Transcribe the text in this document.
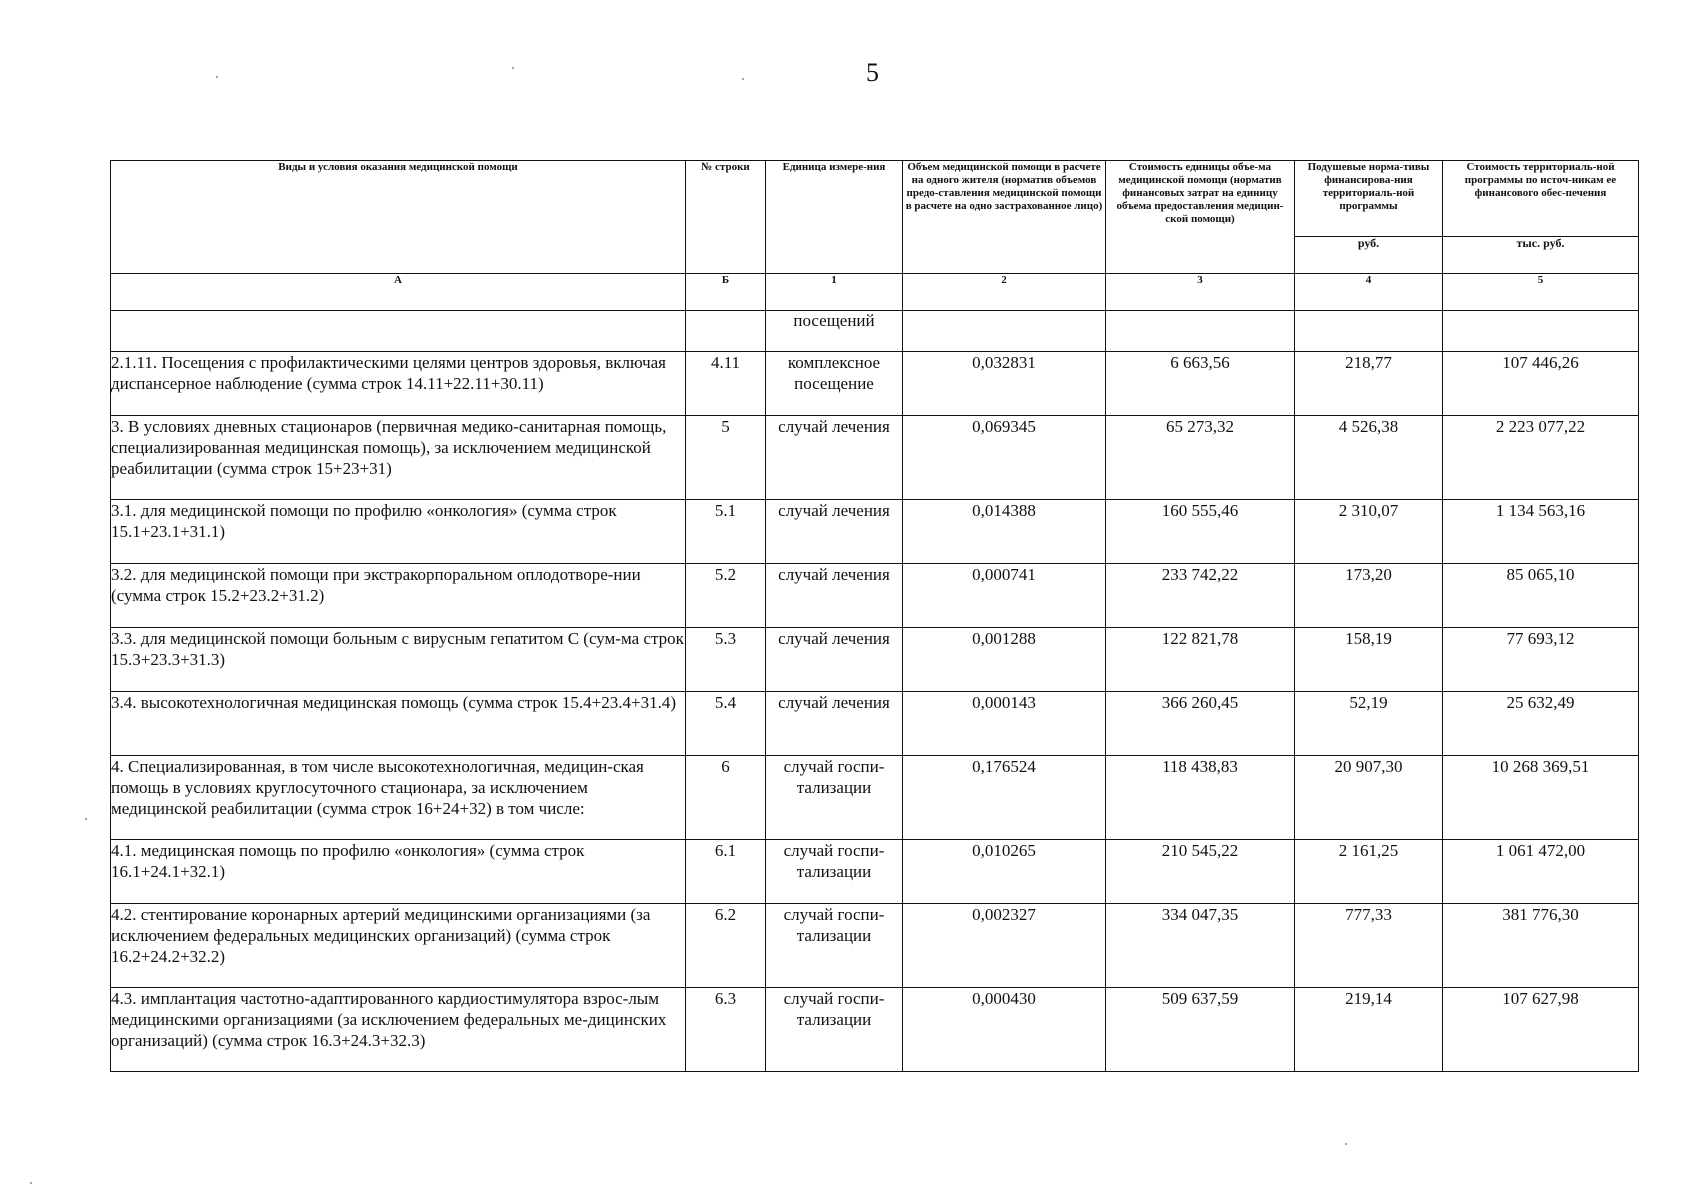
5
Виды и условия оказания медицинской помощи	№ строки	Единица измере-ния	Объем медицинской помощи в расчете на одного жителя (норматив объемов предо-ставления медицинской помощи в расчете на одно застрахованное лицо)	Стоимость единицы объе-ма медицинской помощи (норматив финансовых затрат на единицу объема предоставления медицин-ской помощи)	Подушевые норма-тивы финансирова-ния территориаль-ной программы	Стоимость территориаль-ной программы по источ-никам ее финансового обес-печения
					руб.	тыс. руб.
А	Б	1	2	3	4	5
		посещений				
2.1.11. Посещения с профилактическими целями центров здоровья, включая диспансерное наблюдение (сумма строк 14.11+22.11+30.11)	4.11	комплексное посещение	0,032831	6 663,56	218,77	107 446,26
3. В условиях дневных стационаров (первичная медико-санитарная помощь, специализированная медицинская помощь), за исключением медицинской реабилитации (сумма строк 15+23+31)	5	случай лечения	0,069345	65 273,32	4 526,38	2 223 077,22
3.1. для медицинской помощи по профилю «онкология» (сумма строк 15.1+23.1+31.1)	5.1	случай лечения	0,014388	160 555,46	2 310,07	1 134 563,16
3.2. для медицинской помощи при экстракорпоральном оплодотворе-нии (сумма строк 15.2+23.2+31.2)	5.2	случай лечения	0,000741	233 742,22	173,20	85 065,10
3.3. для медицинской помощи больным с вирусным гепатитом С (сум-ма строк 15.3+23.3+31.3)	5.3	случай лечения	0,001288	122 821,78	158,19	77 693,12
3.4. высокотехнологичная медицинская помощь (сумма строк 15.4+23.4+31.4)	5.4	случай лечения	0,000143	366 260,45	52,19	25 632,49
4. Специализированная, в том числе высокотехнологичная, медицин-ская помощь в условиях круглосуточного стационара, за исключением медицинской реабилитации (сумма строк 16+24+32) в том числе:	6	случай госпи-тализации	0,176524	118 438,83	20 907,30	10 268 369,51
4.1. медицинская помощь по профилю «онкология» (сумма строк 16.1+24.1+32.1)	6.1	случай госпи-тализации	0,010265	210 545,22	2 161,25	1 061 472,00
4.2. стентирование коронарных артерий медицинскими организациями (за исключением федеральных медицинских организаций) (сумма строк 16.2+24.2+32.2)	6.2	случай госпи-тализации	0,002327	334 047,35	777,33	381 776,30
4.3. имплантация частотно-адаптированного кардиостимулятора взрос-лым медицинскими организациями (за исключением федеральных ме-дицинских организаций) (сумма строк 16.3+24.3+32.3)	6.3	случай госпи-тализации	0,000430	509 637,59	219,14	107 627,98
